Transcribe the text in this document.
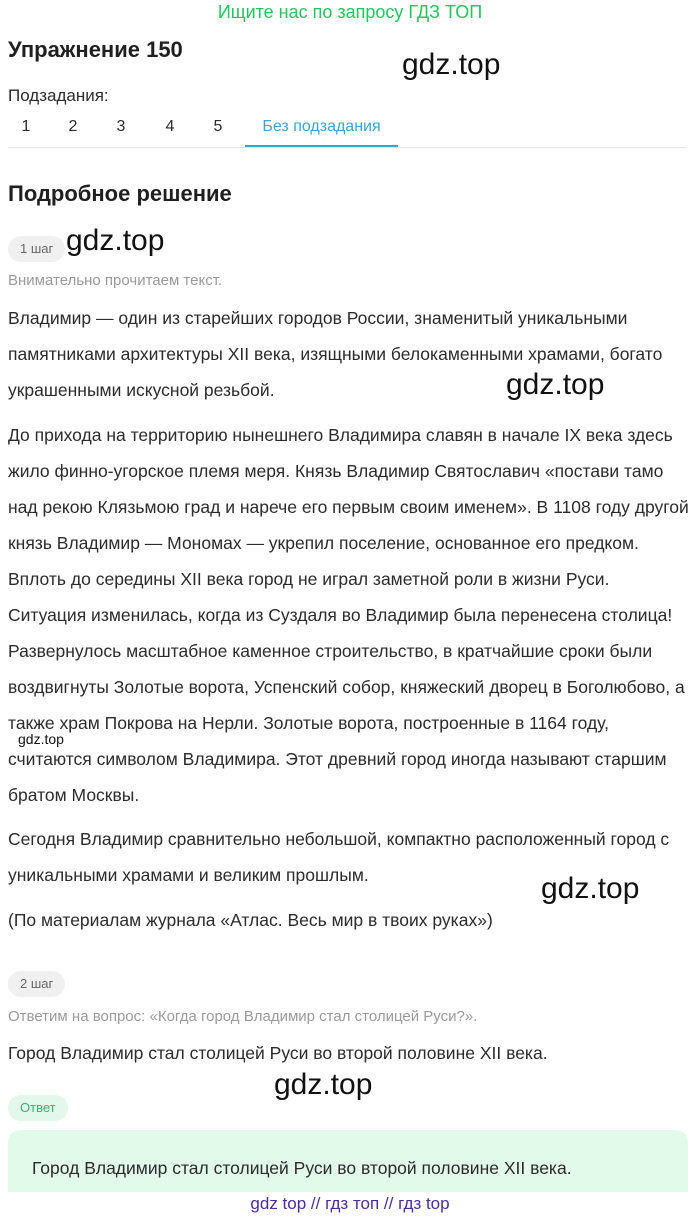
Ищите нас по запросу ГДЗ ТОП
Упражнение 150	gdz.top
Подзадания:
1	2	3	4	5	Без подзадания
Подробное решение
1 шаг gdz.top
Внимательно прочитаем текст.
Владимир — один из старейших городов России, знаменитый уникальными памятниками архитектуры XII века, изящными белокаменными храмами, богато украшенными искусной резьбой.	gdz.top
До прихода на территорию нынешнего Владимира славян в начале IX века здесь жило финно-угорское племя меря. Князь Владимир Святославич «постави тамо над рекою Клязьмою град и нарече его первым своим именем». В 1108 году другой князь Владимир — Мономах — укрепил поселение, основанное его предком. Вплоть до середины XII века город не играл заметной роли в жизни Руси. Ситуация изменилась, когда из Суздаля во Владимир была перенесена столица! Развернулось масштабное каменное строительство, в кратчайшие сроки были воздвигнуты Золотые ворота, Успенский собор, княжеский дворец в Боголюбово, а также храм Покрова на Нерли. Золотые ворота, построенные в 1164 году, считаются символом Владимира. Этот древний город иногда называют старшим братом Москвы.
gdz.top
Сегодня Владимир сравнительно небольшой, компактно расположенный город с уникальными храмами и великим прошлым.	gdz.top
(По материалам журнала «Атлас. Весь мир в твоих руках»)
2 шаг
Ответим на вопрос: «Когда город Владимир стал столицей Руси?».
Город Владимир стал столицей Руси во второй половине XII века.
gdz.top
Ответ
Город Владимир стал столицей Руси во второй половине XII века.
gdz top // гдз топ // гдз top
